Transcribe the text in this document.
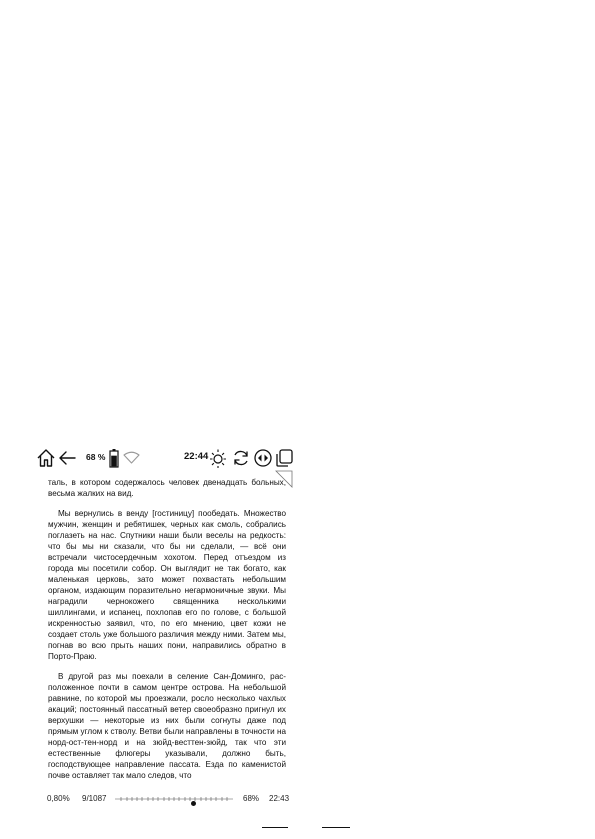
68 %	22:44

таль, в котором содержалось человек двенадцать больных, весьма жалких на вид.

Мы вернулись в венду [гостиницу] пообедать. Множество мужчин, женщин и ребятишек, черных как смоль, собрались поглазеть на нас. Спутники наши были веселы на редкость: что бы мы ни сказали, что бы ни сделали, — всё они встречали чистосердечным хохотом. Перед отъездом из города мы посетили собор. Он выглядит не так богато, как маленькая церковь, зато может похвастать небольшим органом, издающим поразительно негармоничные звуки. Мы наградили чернокожего священника несколькими шиллингами, и испанец, похлопав его по голове, с большой искренностью заявил, что, по его мнению, цвет кожи не создает столь уже большого различия между ними. Затем мы, погнав во всю прыть наших пони, направились обратно в Порто-Праю.

В другой раз мы поехали в селение Сан-Доминго, расположенное почти в самом центре острова. На небольшой равнине, по которой мы проезжали, росло несколько чахлых акаций; постоянный пассатный ветер своеобразно пригнул их верхушки — некоторые из них были согнуты даже под прямым углом к стволу. Ветви были направлены в точности на норд-ост-тен-норд и на зюйд-весттен-зюйд, так что эти естественные флюгеры указывали, должно быть, господствующее направление пассата. Езда по каменистой почве оставляет так мало следов, что

0,80% 9/1087	68% 22:43
